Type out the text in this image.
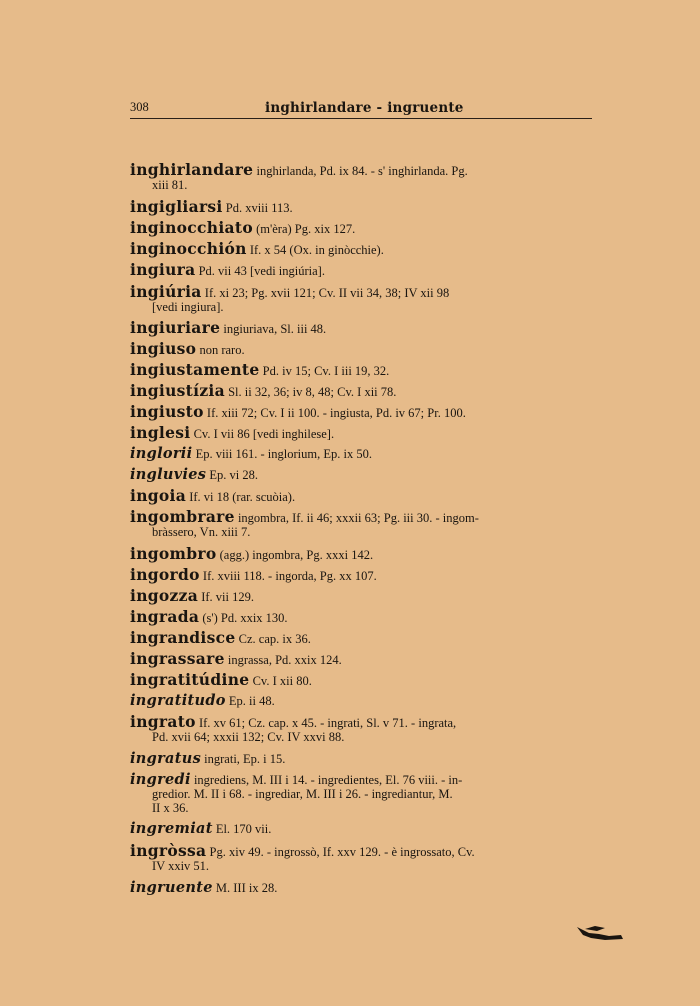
308	inghirlandare - ingruente
inghirlandare inghirlanda, Pd. ix 84. - s' inghirlanda. Pg.
xiii 81.
ingigliarsi Pd. xviii 113.
inginocchiato (m'èra) Pg. xix 127.
inginocchión If. x 54 (Ox. in ginòcchie).
ingiura Pd. vii 43 [vedi ingiúria].
ingiúria If. xi 23; Pg. xvii 121; Cv. II vii 34, 38; IV xii 98
[vedi ingiura].
ingiuriare ingiuriava, Sl. iii 48.
ingiuso non raro.
ingiustamente Pd. iv 15; Cv. I iii 19, 32.
ingiustízia Sl. ii 32, 36; iv 8, 48; Cv. I xii 78.
ingiusto If. xiii 72; Cv. I ii 100. - ingiusta, Pd. iv 67; Pr. 100.
inglesi Cv. I vii 86 [vedi inghilese].
inglorii Ep. viii 161. - inglorium, Ep. ix 50.
ingluvies Ep. vi 28.
ingoia If. vi 18 (rar. scuòia).
ingombrare ingombra, If. ii 46; xxxii 63; Pg. iii 30. - ingom-
bràssero, Vn. xiii 7.
ingombro (agg.) ingombra, Pg. xxxi 142.
ingordo If. xviii 118. - ingorda, Pg. xx 107.
ingozza If. vii 129.
ingrada (s') Pd. xxix 130.
ingrandisce Cz. cap. ix 36.
ingrassare ingrassa, Pd. xxix 124.
ingratitúdine Cv. I xii 80.
ingratitudo Ep. ii 48.
ingrato If. xv 61; Cz. cap. x 45. - ingrati, Sl. v 71. - ingrata,
Pd. xvii 64; xxxii 132; Cv. IV xxvi 88.
ingratus ingrati, Ep. i 15.
ingredi ingrediens, M. III i 14. - ingredientes, El. 76 viii. - in-
gredior. M. II i 68. - ingrediar, M. III i 26. - ingrediantur, M.
II x 36.
ingremiat El. 170 vii.
ingròssa Pg. xiv 49. - ingrossò, If. xxv 129. - è ingrossato, Cv.
IV xxiv 51.
ingruente M. III ix 28.
